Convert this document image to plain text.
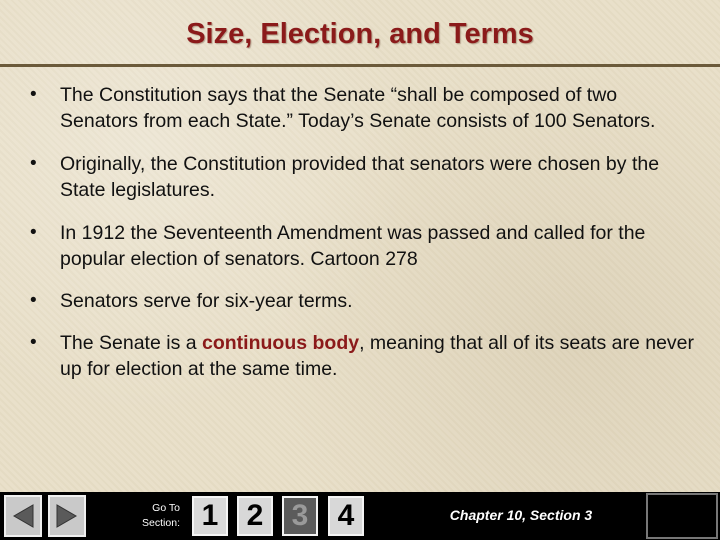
Size, Election, and Terms
• The Constitution says that the Senate “shall be composed of two Senators from each State.” Today’s Senate consists of 100 Senators.
• Originally, the Constitution provided that senators were chosen by the State legislatures.
• In 1912 the Seventeenth Amendment was passed and called for the popular election of senators. Cartoon 278
• Senators serve for six-year terms.
• The Senate is a continuous body, meaning that all of its seats are never up for election at the same time.
Go To
Section: 1 2 3 4	Chapter 10, Section 3
